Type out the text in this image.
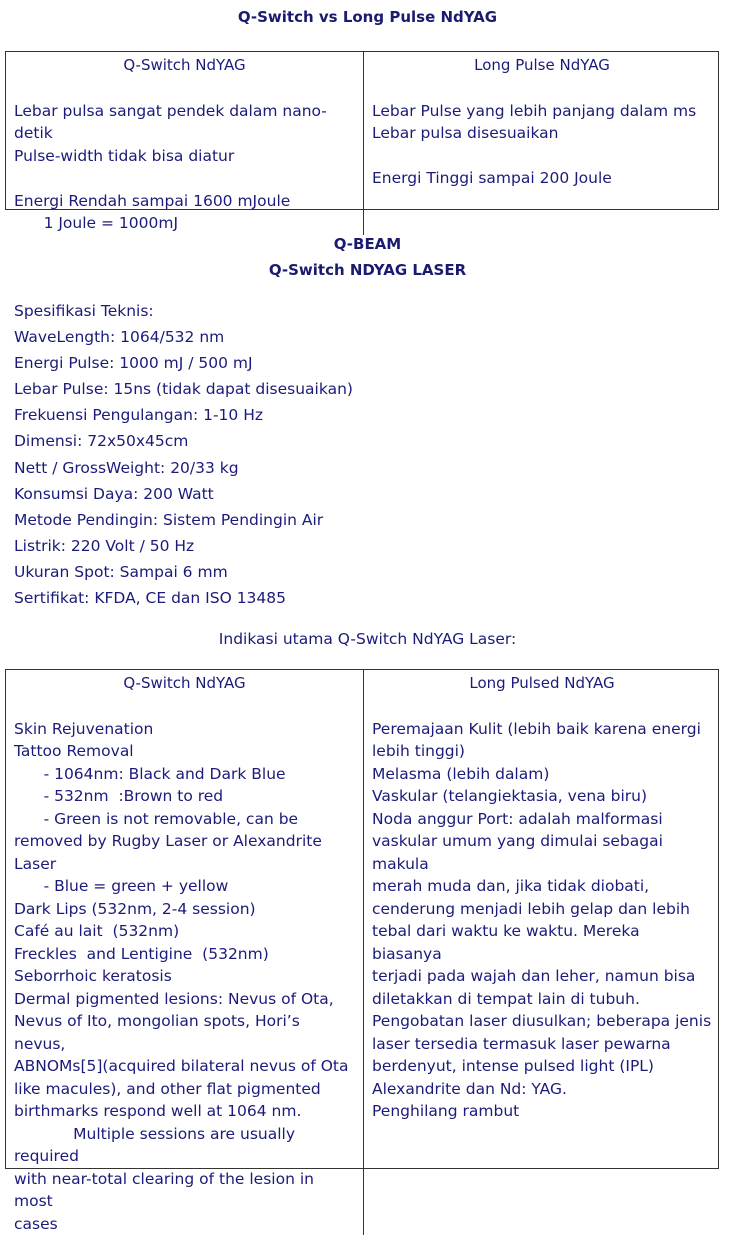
Q-Switch vs Long Pulse NdYAG
Q-Switch NdYAG
Lebar pulsa sangat pendek dalam nano-detik
Pulse-width tidak bisa diatur
Energi Rendah sampai 1600 mJoule
1 Joule = 1000mJ
Long Pulse NdYAG
Lebar Pulse yang lebih panjang dalam ms
Lebar pulsa disesuaikan
Energi Tinggi sampai 200 Joule
Q-BEAM
Q-Switch NDYAG LASER
Spesifikasi Teknis:
WaveLength: 1064/532 nm
Energi Pulse: 1000 mJ / 500 mJ
Lebar Pulse: 15ns (tidak dapat disesuaikan)
Frekuensi Pengulangan: 1-10 Hz
Dimensi: 72x50x45cm
Nett / GrossWeight: 20/33 kg
Konsumsi Daya: 200 Watt
Metode Pendingin: Sistem Pendingin Air
Listrik: 220 Volt / 50 Hz
Ukuran Spot: Sampai 6 mm
Sertifikat: KFDA, CE dan ISO 13485
Indikasi utama Q-Switch NdYAG Laser:
Q-Switch NdYAG
Skin Rejuvenation
Tattoo Removal
- 1064nm: Black and Dark Blue
- 532nm  :Brown to red
- Green is not removable, can be
removed by Rugby Laser or Alexandrite Laser
- Blue = green + yellow
Dark Lips (532nm, 2-4 session)
Café au lait  (532nm)
Freckles  and Lentigine  (532nm)
Seborrhoic keratosis
Dermal pigmented lesions: Nevus of Ota,
Nevus of Ito, mongolian spots, Hori’s nevus,
ABNOMs[5](acquired bilateral nevus of Ota
like macules), and other flat pigmented
birthmarks respond well at 1064 nm.
Multiple sessions are usually required
with near-total clearing of the lesion in most
cases
Long Pulsed NdYAG
Peremajaan Kulit (lebih baik karena energi
lebih tinggi)
Melasma (lebih dalam)
Vaskular (telangiektasia, vena biru)
Noda anggur Port: adalah malformasi
vaskular umum yang dimulai sebagai makula
merah muda dan, jika tidak diobati,
cenderung menjadi lebih gelap dan lebih
tebal dari waktu ke waktu. Mereka biasanya
terjadi pada wajah dan leher, namun bisa
diletakkan di tempat lain di tubuh.
Pengobatan laser diusulkan; beberapa jenis
laser tersedia termasuk laser pewarna
berdenyut, intense pulsed light (IPL)
Alexandrite dan Nd: YAG.
Penghilang rambut
